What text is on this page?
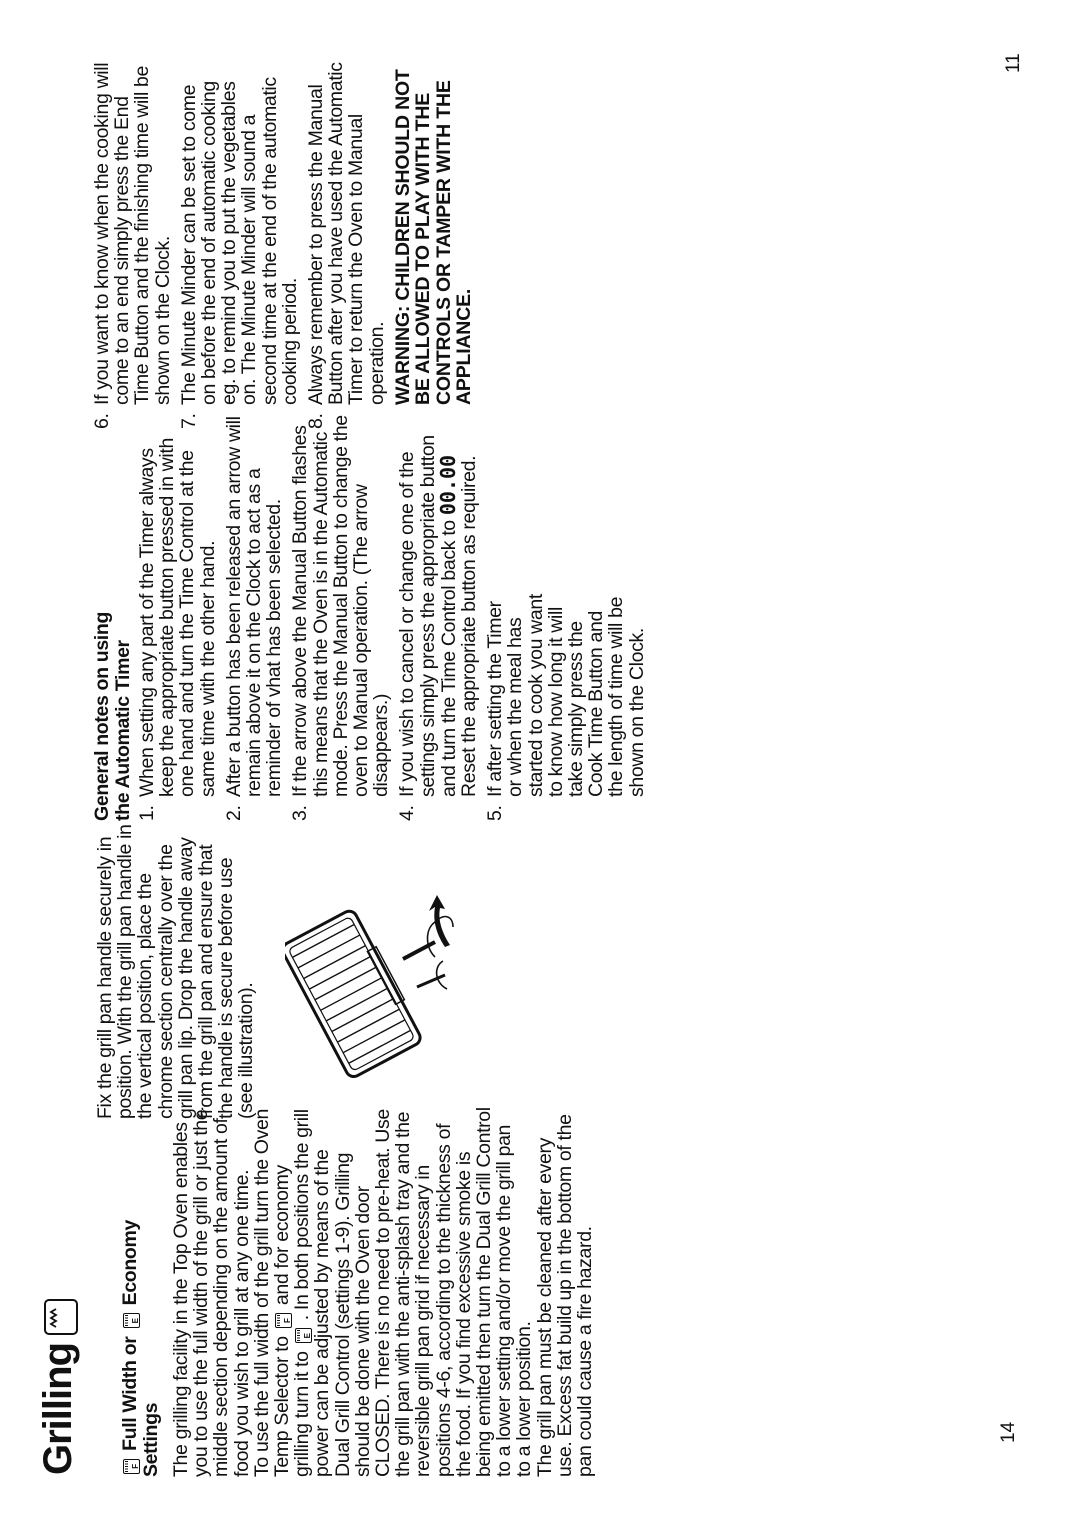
14
11
Grilling	F Full Width or E Economy
Settings The grilling facility in the Top Oven enables you to use the full width of the grill or just the middle section depending on the amount of food you wish to grill at any one time.

To use the full width of the grill turn the Oven Temp Selector to F and for economy grilling turn it to E . In both positions the grill power can be adjusted by means of the Dual Grill Control (settings 1-9). Grilling should be done with the Oven door CLOSED. There is no need to pre-heat. Use the grill pan with the anti-splash tray and the reversible grill pan grid if necessary in positions 4-6, according to the thickness of the food. If you find excessive smoke is being emitted then turn the Dual Grill Control to a lower setting and/or move the grill pan to a lower position.

The grill pan must be cleaned after every use. Excess fat build up in the bottom of the pan could cause a fire hazard.

Fix the grill pan handle securely in position. With the grill pan handle in the vertical position, place the chrome section centrally over the grill pan lip. Drop the handle away from the grill pan and ensure that the handle is secure before use (see illustration).

General notes on using the Automatic Timer 1.
When setting any part of the Timer always keep the appropriate button pressed in with one hand and turn the Time Control at the same time with the other hand.
2.
After a button has been released an arrow will remain above it on the Clock to act as a reminder of vhat has been selected.
3.
If the arrow above the Manual Button flashes this means that the Oven is in the Automatic mode. Press the Manual Button to change the oven to Manual operation. (The arrow disappears.)
4.
If you wish to cancel or change one of the settings simply press the appropriate button and turn the Time Control back to 00.00 Reset the appropriate button as required.
5.
If after setting the Timer or when the meal has started to cook you want to know how long it will take simply press the Cook Time Button and the length of time will be shown on the Clock.
6.
If you want to know when the cooking will come to an end simply press the End Time Button and the finishing time will be shown on the Clock.
7.
The Minute Minder can be set to come on before the end of automatic cooking eg. to remind you to put the vegetables on. The Minute Minder will sound a second time at the end of the automatic cooking period.
8.
Always remember to press the Manual Button after you have used the Automatic Timer to return the Oven to Manual operation. WARNING: CHILDREN SHOULD NOT BE ALLOWED TO PLAY WITH THE CONTROLS OR TAMPER WITH THE APPLIANCE.
